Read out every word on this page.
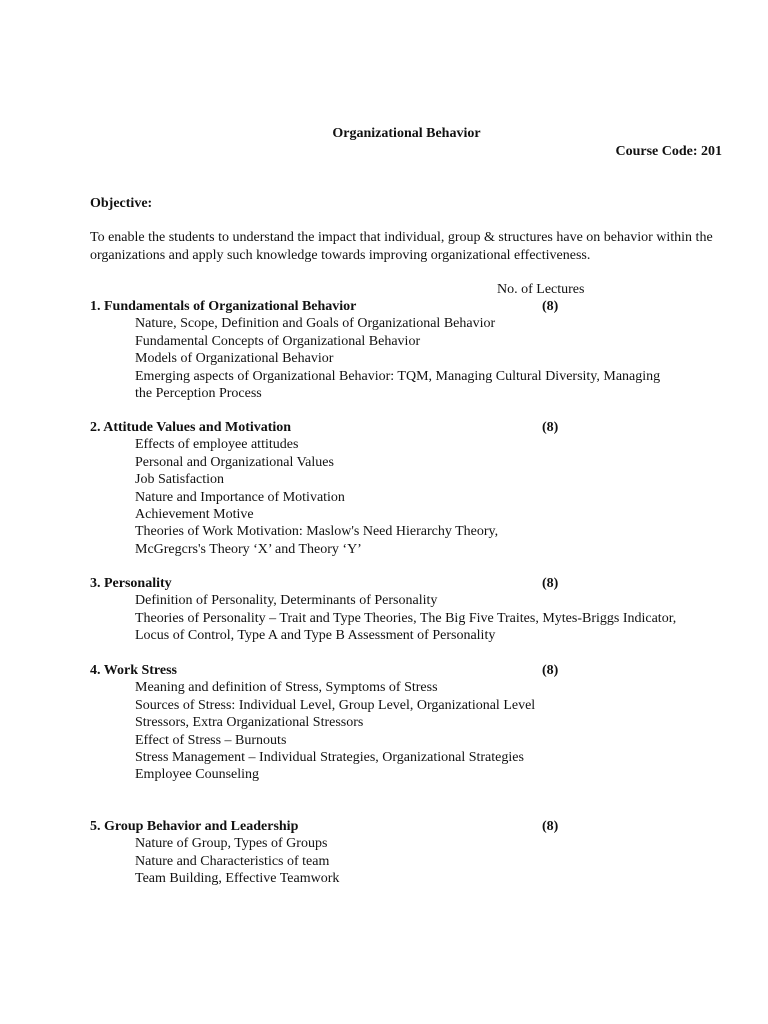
Organizational Behavior
Course Code: 201
Objective:
To enable the students to understand the impact that individual, group & structures have on behavior within the organizations and apply such knowledge towards improving organizational effectiveness.
No. of Lectures
1. Fundamentals of Organizational Behavior	(8)
Nature, Scope, Definition and Goals of Organizational Behavior
Fundamental Concepts of Organizational Behavior
Models of Organizational Behavior
Emerging aspects of Organizational Behavior: TQM, Managing Cultural Diversity, Managing
the Perception Process
2. Attitude Values and Motivation	(8)
Effects of employee attitudes
Personal and Organizational Values
Job Satisfaction
Nature and Importance of Motivation
Achievement Motive
Theories of Work Motivation: Maslow's Need Hierarchy Theory,
McGregcrs's Theory ‘X’ and Theory ‘Y’
3. Personality	(8)
Definition of Personality, Determinants of Personality
Theories of Personality – Trait and Type Theories, The Big Five Traites, Mytes-Briggs Indicator,
Locus of Control, Type A and Type B Assessment of Personality
4. Work Stress	(8)
Meaning and definition of Stress, Symptoms of Stress
Sources of Stress: Individual Level, Group Level, Organizational Level
Stressors, Extra Organizational Stressors
Effect of Stress – Burnouts
Stress Management – Individual Strategies, Organizational Strategies
Employee Counseling
5. Group Behavior and Leadership	(8)
Nature of Group, Types of Groups
Nature and Characteristics of team
Team Building, Effective Teamwork
